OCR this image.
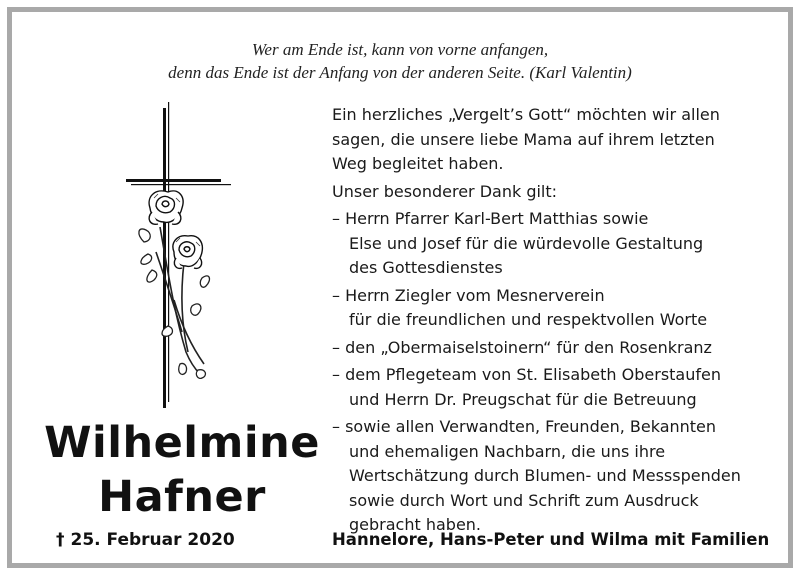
Wer am Ende ist, kann von vorne anfangen,
denn das Ende ist der Anfang von der anderen Seite. (Karl Valentin)
Wilhelmine
Hafner
† 25. Februar 2020

Ein herzliches „Vergelt’s Gott“ möchten wir allen

sagen, die unsere liebe Mama auf ihrem letzten

Weg begleitet haben.

Unser besonderer Dank gilt:

– Herrn Pfarrer Karl-Bert Matthias sowie

Else und Josef für die würdevolle Gestaltung

des Gottesdienstes

– Herrn Ziegler vom Mesnerverein

für die freundlichen und respektvollen Worte

– den „Obermaiselstoinern“ für den Rosenkranz

– dem Pflegeteam von St. Elisabeth Oberstaufen

und Herrn Dr. Preugschat für die Betreuung

– sowie allen Verwandten, Freunden, Bekannten

und ehemaligen Nachbarn, die uns ihre

Wertschätzung durch Blumen- und Messspenden

sowie durch Wort und Schrift zum Ausdruck

gebracht haben.

Hannelore, Hans-Peter und Wilma mit Familien
